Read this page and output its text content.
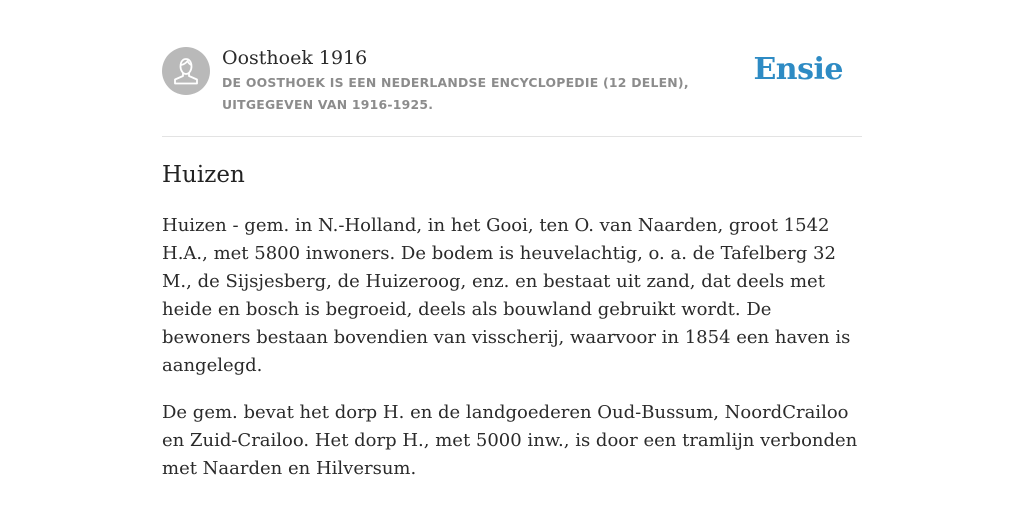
Oosthoek 1916
DE OOSTHOEK IS EEN NEDERLANDSE ENCYCLOPEDIE (12 DELEN), UITGEGEVEN VAN 1916-1925.
Ensie
Huizen

Huizen - gem. in N.-Holland, in het Gooi, ten O. van Naarden, groot 1542 H.A., met 5800 inwoners. De bodem is heuvelachtig, o. a. de Tafelberg 32 M., de Sijsjesberg, de Huizeroog, enz. en bestaat uit zand, dat deels met heide en bosch is begroeid, deels als bouwland gebruikt wordt. De bewoners bestaan bovendien van visscherij, waarvoor in 1854 een haven is aangelegd.

De gem. bevat het dorp H. en de landgoederen Oud-Bussum, NoordCrailoo en Zuid-Crailoo. Het dorp H., met 5000 inw., is door een tramlijn verbonden met Naarden en Hilversum.
